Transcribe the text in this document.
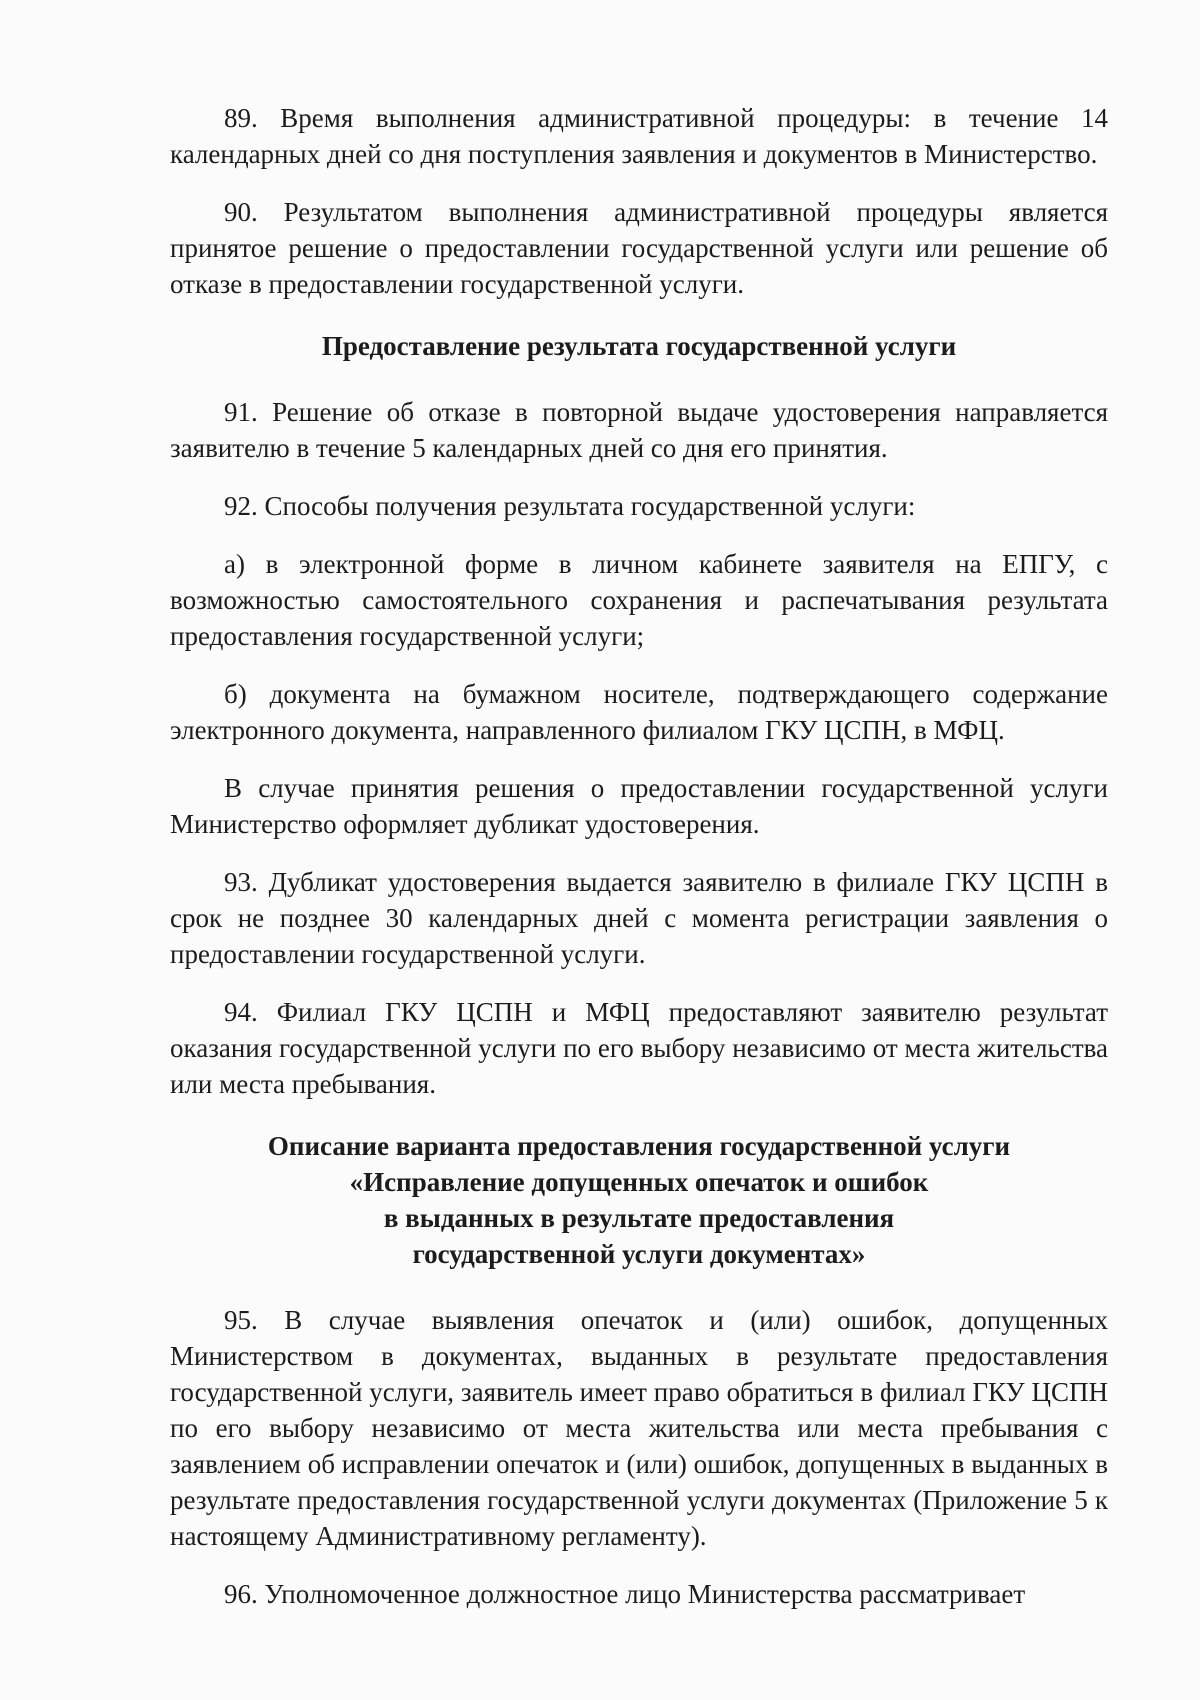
89. Время выполнения административной процедуры: в течение 14 календарных дней со дня поступления заявления и документов в Министерство.

90. Результатом выполнения административной процедуры является принятое решение о предоставлении государственной услуги или решение об отказе в предоставлении государственной услуги.

Предоставление результата государственной услуги

91. Решение об отказе в повторной выдаче удостоверения направляется заявителю в течение 5 календарных дней со дня его принятия.

92. Способы получения результата государственной услуги:

а) в электронной форме в личном кабинете заявителя на ЕПГУ, с возможностью самостоятельного сохранения и распечатывания результата предоставления государственной услуги;

б) документа на бумажном носителе, подтверждающего содержание электронного документа, направленного филиалом ГКУ ЦСПН, в МФЦ.

В случае принятия решения о предоставлении государственной услуги Министерство оформляет дубликат удостоверения.

93. Дубликат удостоверения выдается заявителю в филиале ГКУ ЦСПН в срок не позднее 30 календарных дней с момента регистрации заявления о предоставлении государственной услуги.

94. Филиал ГКУ ЦСПН и МФЦ предоставляют заявителю результат оказания государственной услуги по его выбору независимо от места жительства или места пребывания.

Описание варианта предоставления государственной услуги
«Исправление допущенных опечаток и ошибок
в выданных в результате предоставления
государственной услуги документах»

95. В случае выявления опечаток и (или) ошибок, допущенных Министерством в документах, выданных в результате предоставления государственной услуги, заявитель имеет право обратиться в филиал ГКУ ЦСПН по его выбору независимо от места жительства или места пребывания с заявлением об исправлении опечаток и (или) ошибок, допущенных в выданных в результате предоставления государственной услуги документах (Приложение 5 к настоящему Административному регламенту).

96. Уполномоченное должностное лицо Министерства рассматривает
